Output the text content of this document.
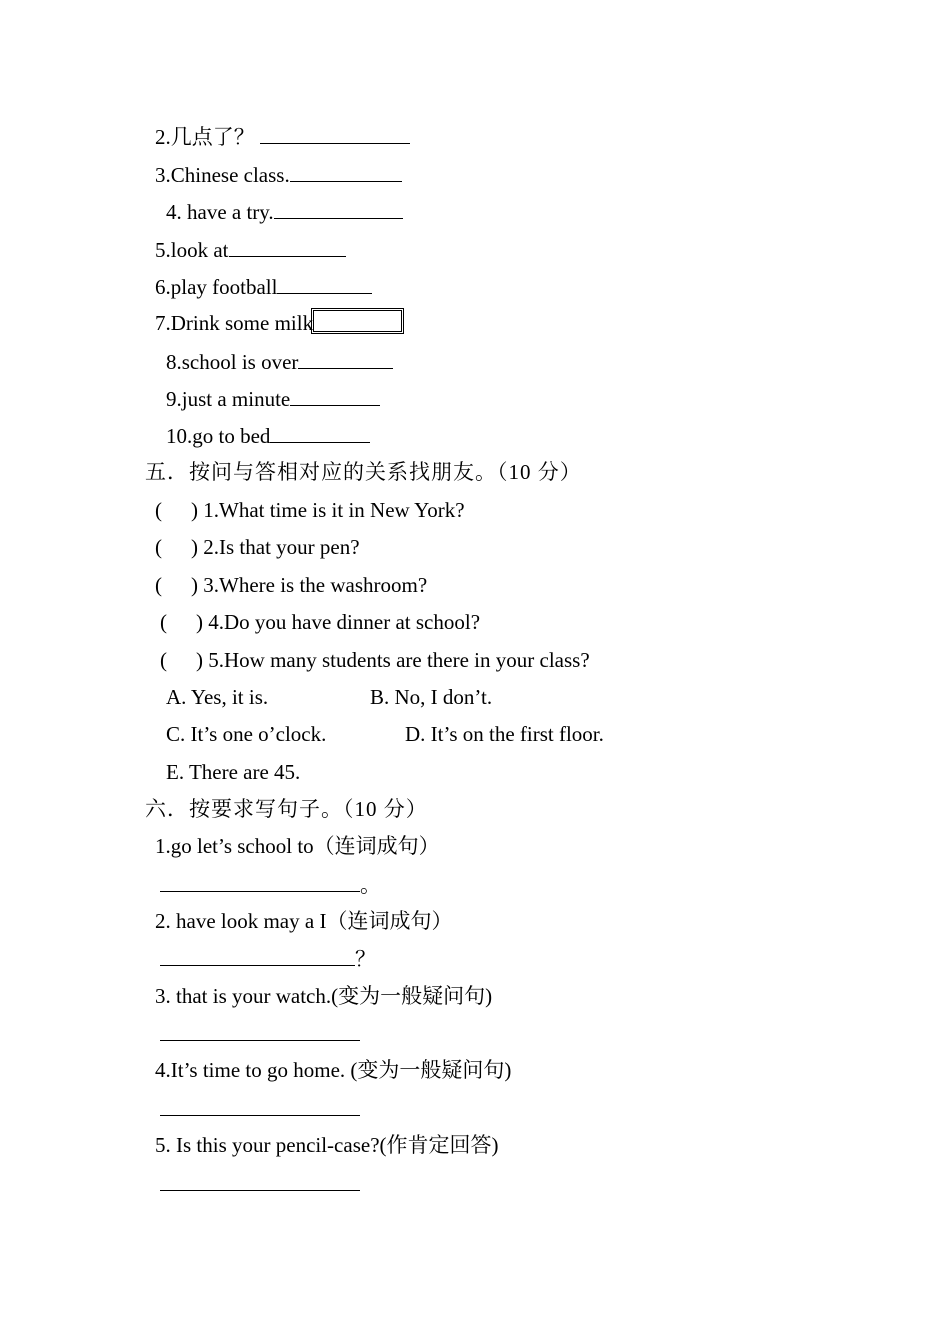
2.几点了？
3.Chinese class.
4. have a try.
5.look at
6.play football
7.Drink some milk
8.school is over
9.just a minute
10.go to bed
五．按问与答相对应的关系找朋友。（10 分）
( ) 1.What time is it in New York?
( ) 2.Is that your pen?
( ) 3.Where is the washroom?
( ) 4.Do you have dinner at school?
( ) 5.How many students are there in your class?
A. Yes, it is.	B. No, I don’t.
C. It’s one o’clock.	D. It’s on the first floor.
E. There are 45.
六．按要求写句子。（10 分）
1.go let’s school to（连词成句）
。
2. have look may a I（连词成句）
？
3. that is your watch.(变为一般疑问句)
4.It’s time to go home. (变为一般疑问句)
5. Is this your pencil-case?(作肯定回答)
